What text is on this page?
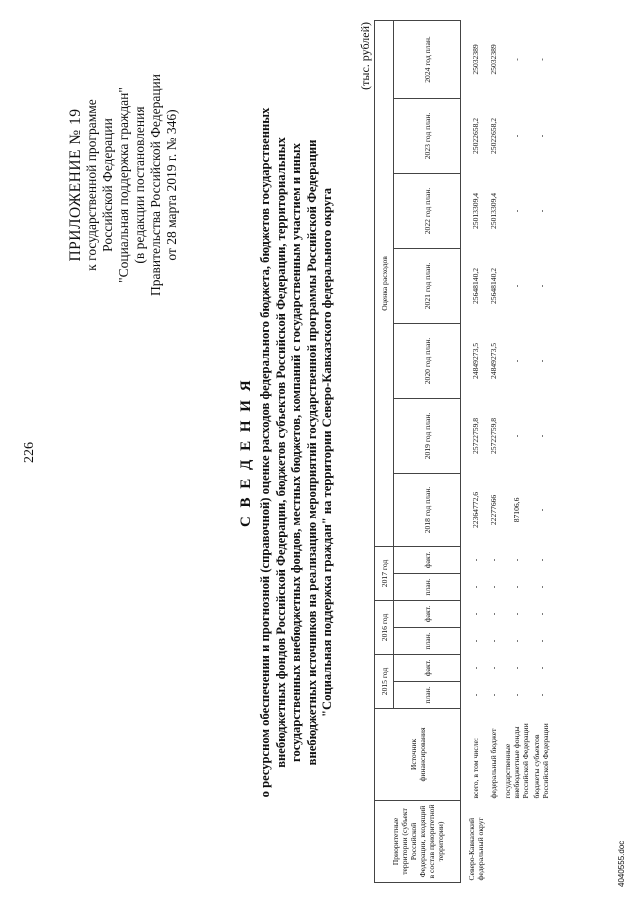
226
ПРИЛОЖЕНИЕ № 19 к государственной программе Российской Федерации "Социальная поддержка граждан" (в редакции постановления Правительства Российской Федерации от 28 марта 2019 г. № 346)
С В Е Д Е Н И Я о ресурсном обеспечении и прогнозной (справочной) оценке расходов федерального бюджета, бюджетов государственных внебюджетных фондов Российской Федерации, бюджетов субъектов Российской Федерации, территориальных государственных внебюджетных фондов, местных бюджетов, компаний с государственным участием и иных внебюджетных источников на реализацию мероприятий государственной программы Российской Федерации "Социальная поддержка граждан" на территории Северо-Кавказского федерального округа
(тыс. рублей)
Приоритетные территории (субъект Российской Федерации, входящий в состав приоритетной территории)	Источник финансирования	2015 год		2016 год		2017 год		Оценка расходов						
		план.	факт.	план.	факт.	план.	факт.	2018 год план.	2019 год план.	2020 год план.	2021 год план.	2022 год план.	2023 год план.	2024 год план.
Северо-Кавказский федеральный округ	всего, в том числе:	-	-	-	-	-	-	22364772,6	25722759,8	24849273,5	25648140,2	25013309,4	25022658,2	25032389
	федеральный бюджет	-	-	-	-	-	-	22277666	25722759,8	24849273,5	25648140,2	25013309,4	25022658,2	25032389
	государственные внебюджетные фонды Российской Федерации	-	-	-	-	-	-	87106,6	-	-	-	-	-	-
	бюджеты субъектов Российской Федерации	-	-	-	-	-	-	-	-	-	-	-	-	-
4040555.doc
